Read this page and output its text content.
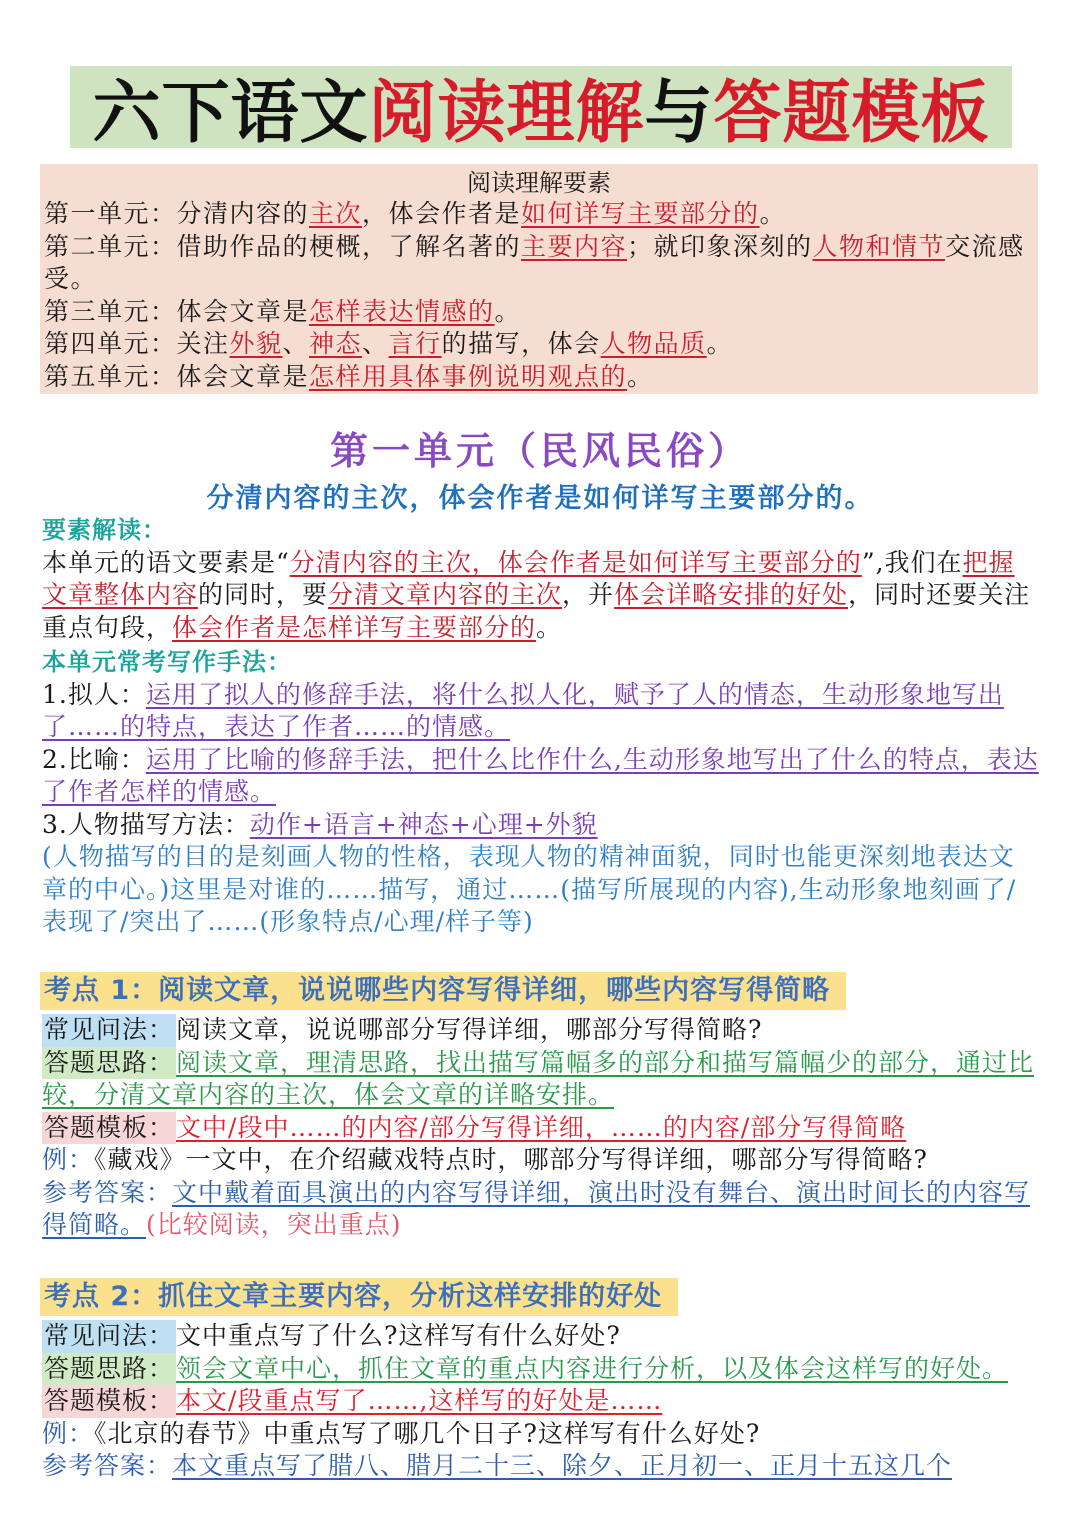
六下语文 阅读理解 与 答题模板
阅读理解要素
第一单元：分清内容的主次，体会作者是如何详写主要部分的。
第二单元：借助作品的梗概，了解名著的主要内容；就印象深刻的人物和情节交流感受。
第三单元：体会文章是怎样表达情感的。
第四单元：关注外貌、神态、言行的描写，体会人物品质。
第五单元：体会文章是怎样用具体事例说明观点的。
第一单元（民风民俗）
分清内容的主次，体会作者是如何详写主要部分的。
要素解读：
本单元的语文要素是“分清内容的主次，体会作者是如何详写主要部分的”,我们在把握文章整体内容的同时，要分清文章内容的主次，并体会详略安排的好处，同时还要关注重点句段，体会作者是怎样详写主要部分的。
本单元常考写作手法：
1.拟人：运用了拟人的修辞手法，将什么拟人化，赋予了人的情态，生动形象地写出了……的特点，表达了作者……的情感。
2.比喻：运用了比喻的修辞手法，把什么比作什么,生动形象地写出了什么的特点，表达了作者怎样的情感。
3.人物描写方法：动作+语言+神态+心理+外貌
(人物描写的目的是刻画人物的性格，表现人物的精神面貌，同时也能更深刻地表达文章的中心。)这里是对谁的……描写，通过……(描写所展现的内容),生动形象地刻画了/表现了/突出了……(形象特点/心理/样子等)
考点 1：阅读文章，说说哪些内容写得详细，哪些内容写得简略
常见问法：阅读文章，说说哪部分写得详细，哪部分写得简略?
答题思路：阅读文章，理清思路，找出描写篇幅多的部分和描写篇幅少的部分，通过比较，分清文章内容的主次，体会文章的详略安排。
答题模板：文中/段中……的内容/部分写得详细，……的内容/部分写得简略
例：《藏戏》一文中，在介绍藏戏特点时，哪部分写得详细，哪部分写得简略?
参考答案：文中戴着面具演出的内容写得详细，演出时没有舞台、演出时间长的内容写得简略。(比较阅读，突出重点)
考点 2：抓住文章主要内容，分析这样安排的好处
常见问法：文中重点写了什么?这样写有什么好处?
答题思路：领会文章中心，抓住文章的重点内容进行分析，以及体会这样写的好处。
答题模板：本文/段重点写了……,这样写的好处是……
例：《北京的春节》中重点写了哪几个日子?这样写有什么好处?
参考答案：本文重点写了腊八、腊月二十三、除夕、正月初一、正月十五这几个
